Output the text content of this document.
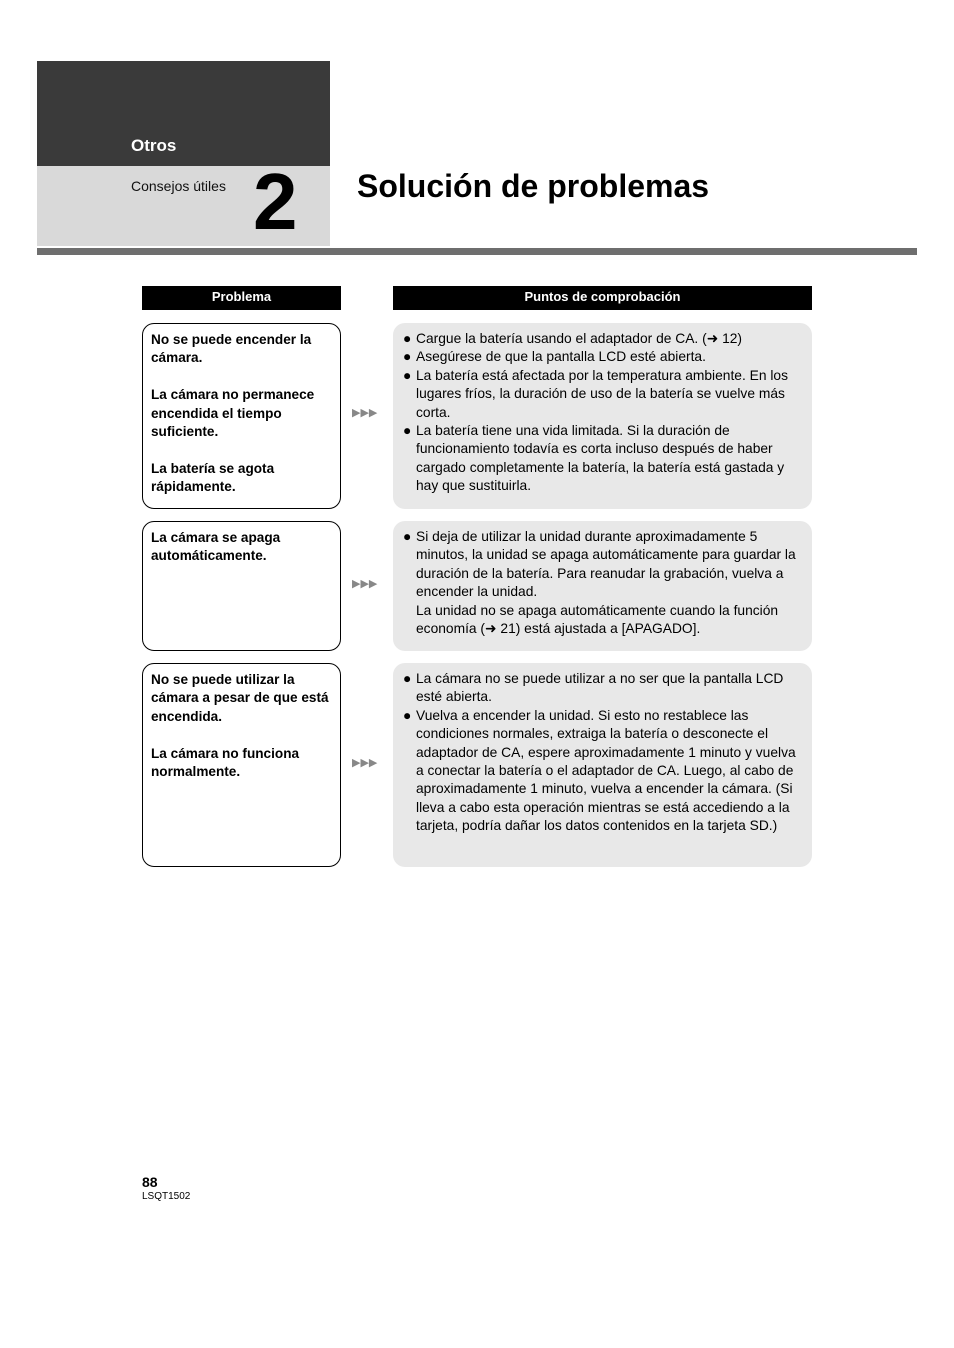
Otros
Consejos útiles 2 Solución de problemas
Problema	Puntos de comprobación

No se puede encender la cámara.

La cámara no permanece encendida el tiempo suficiente.

La batería se agota rápidamente.

▶▶▶
● Cargue la batería usando el adaptador de CA. (➜ 12)
● Asegúrese de que la pantalla LCD esté abierta.
● La batería está afectada por la temperatura ambiente. En los lugares fríos, la duración de uso de la batería se vuelve más corta.
● La batería tiene una vida limitada. Si la duración de funcionamiento todavía es corta incluso después de haber cargado completamente la batería, la batería está gastada y hay que sustituirla.

La cámara se apaga automáticamente.

▶▶▶
● Si deja de utilizar la unidad durante aproximadamente 5 minutos, la unidad se apaga automáticamente para guardar la duración de la batería. Para reanudar la grabación, vuelva a encender la unidad.
La unidad no se apaga automáticamente cuando la función economía (➜ 21) está ajustada a [APAGADO].

No se puede utilizar la cámara a pesar de que está encendida.

La cámara no funciona normalmente.

▶▶▶
● La cámara no se puede utilizar a no ser que la pantalla LCD esté abierta.
● Vuelva a encender la unidad. Si esto no restablece las condiciones normales, extraiga la batería o desconecte el adaptador de CA, espere aproximadamente 1 minuto y vuelva a conectar la batería o el adaptador de CA. Luego, al cabo de aproximadamente 1 minuto, vuelva a encender la cámara. (Si lleva a cabo esta operación mientras se está accediendo a la tarjeta, podría dañar los datos contenidos en la tarjeta SD.)
88
LSQT1502
